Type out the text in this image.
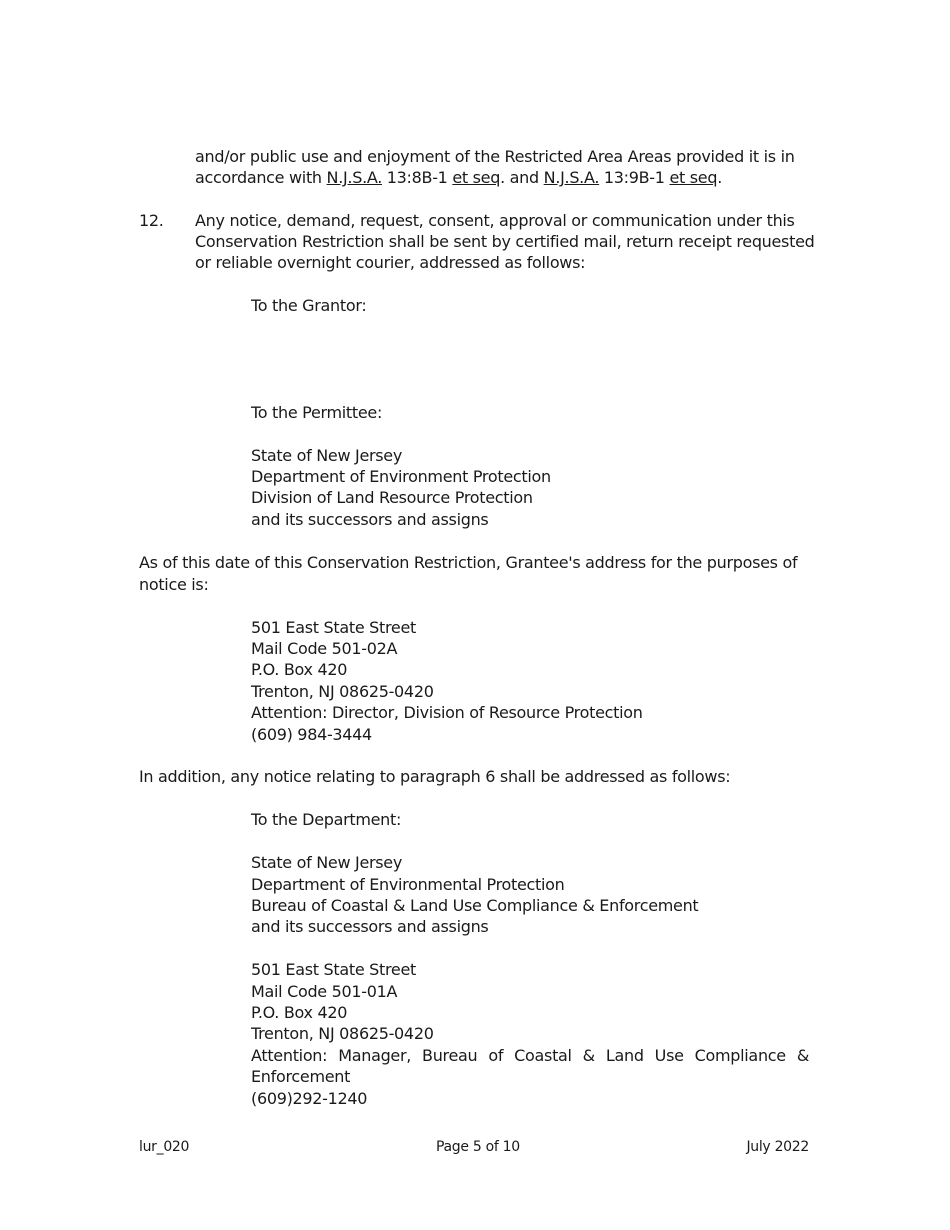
and/or public use and enjoyment of the Restricted Area Areas provided it is in
accordance with N.J.S.A. 13:8B-1 et seq. and N.J.S.A. 13:9B-1 et seq.
12. Any notice, demand, request, consent, approval or communication under this
Conservation Restriction shall be sent by certified mail, return receipt requested
or reliable overnight courier, addressed as follows:
To the Grantor:
To the Permittee:
State of New Jersey
Department of Environment Protection
Division of Land Resource Protection
and its successors and assigns
As of this date of this Conservation Restriction, Grantee's address for the purposes of
notice is:
501 East State Street
Mail Code 501-02A
P.O. Box 420
Trenton, NJ 08625-0420
Attention: Director, Division of Resource Protection
(609) 984-3444
In addition, any notice relating to paragraph 6 shall be addressed as follows:
To the Department:
State of New Jersey
Department of Environmental Protection
Bureau of Coastal & Land Use Compliance & Enforcement
and its successors and assigns
501 East State Street
Mail Code 501-01A
P.O. Box 420
Trenton, NJ 08625-0420
Attention: Manager, Bureau of Coastal & Land Use Compliance & Enforcement
(609)292-1240
lur_020	Page 5 of 10	July 2022
